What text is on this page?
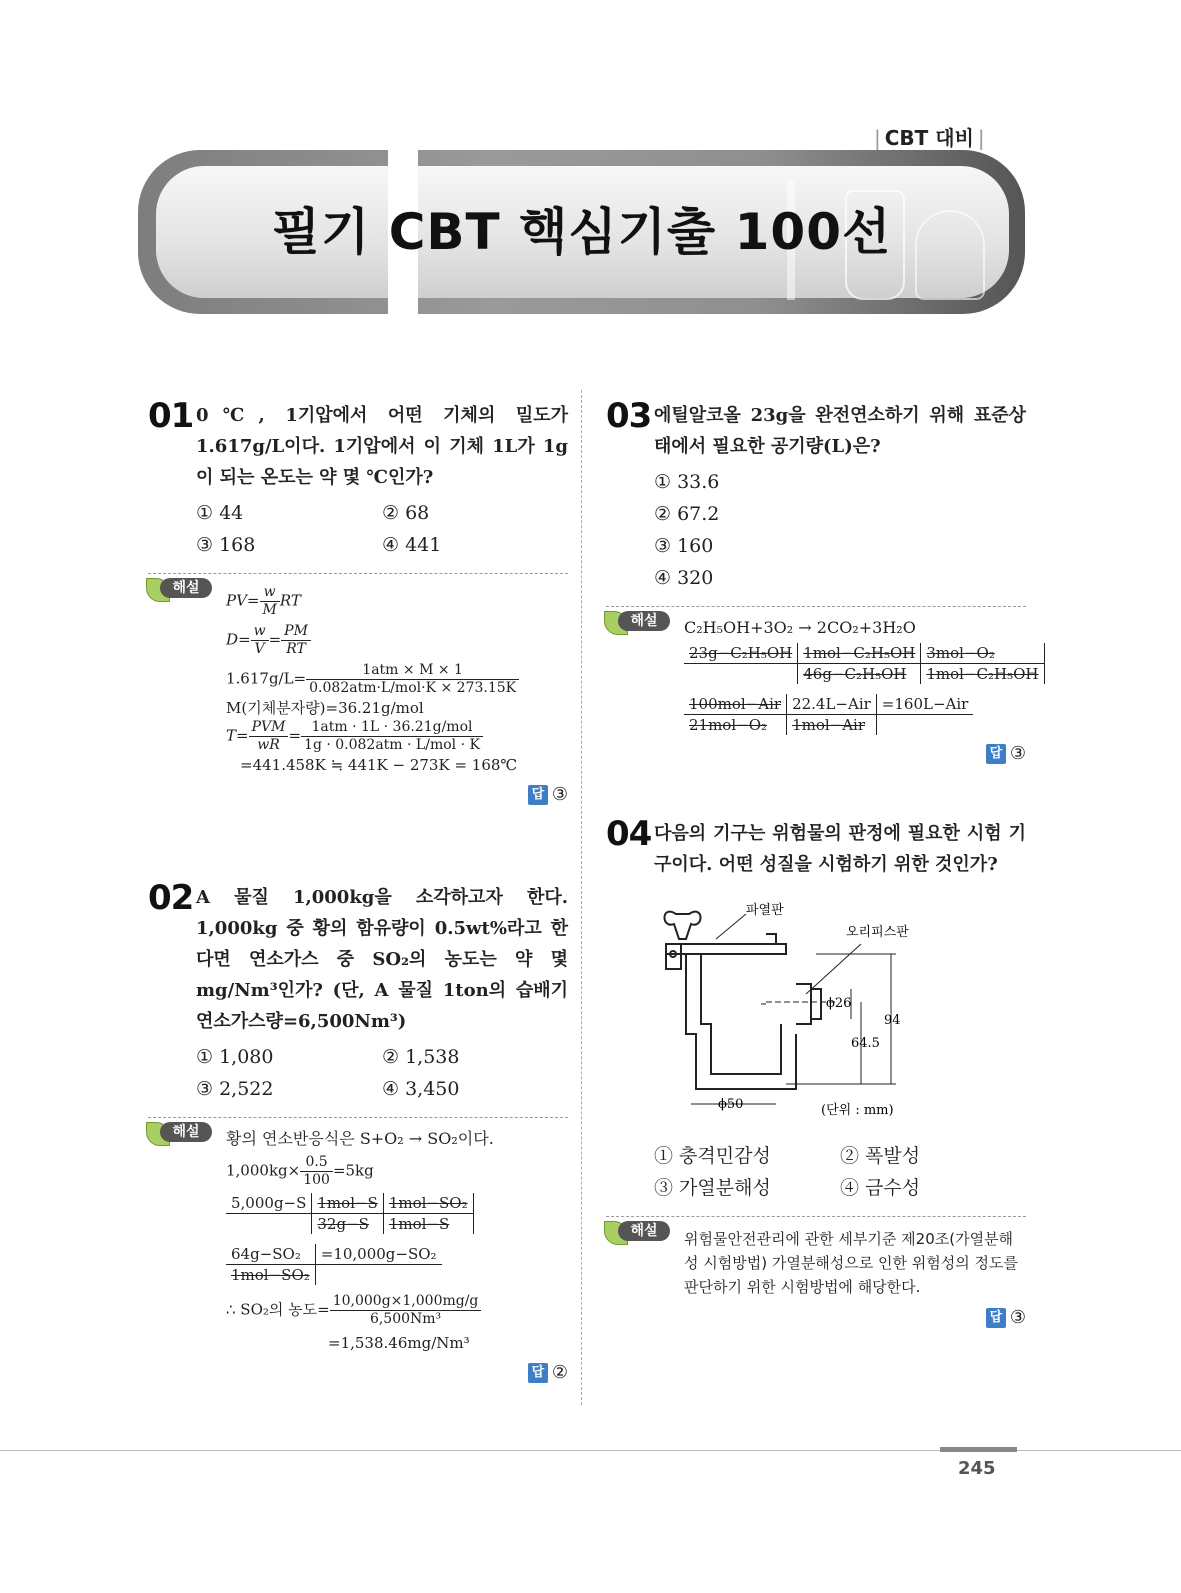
| CBT 대비 |
필기 CBT 핵심기출 100선
01 0℃, 1기압에서 어떤 기체의 밀도가 1.617g/L이다. 1기압에서 이 기체 1L가 1g이 되는 온도는 약 몇 ℃인가?
① 44	② 68
③ 168	④ 441
해설
$PV= \frac{w}{M}$ RT
$D= \frac{w}{V} = \frac{PM}{RT}$
$1.617g/L= \frac{\text{1atm × M × 1}}{\text{0.082atm·L/mol·K × 273.15K}}$
M(기체분자량)=36.21g/mol
$T= \frac{\text{PVM}}{wR} = \frac{\text{1atm · 1L · 36.21g/mol}}{\text{1g · 0.082atm · L/mol · K}}$
=441.458K ≒ 441K − 273K = 168℃
답 ③
02 A 물질 1,000kg을 소각하고자 한다. 1,000kg 중 황의 함유량이 0.5wt%라고 한다면 연소가스 중 SO₂의 농도는 약 몇 mg/Nm³인가? (단, A 물질 1ton의 습배기 연소가스량=6,500Nm³)
① 1,080	② 1,538
③ 2,522	④ 3,450
해설	황의 연소반응식은 S+O₂ → SO₂이다.
$1,000kg\times \frac{0.5}{100} =5kg$
5,000g−S	1mol−S	1mol−SO₂
	32g−S	1mol−S
64g−SO₂	=10,000g−SO₂
1mol−SO₂	
∴ SO₂의 농도= $\frac{10,000g\times 1,000mg/g}{\text{6,500Nm³}}$
=1,538.46mg/Nm³
답 ②
03 에틸알코올 23g을 완전연소하기 위해 표준상태에서 필요한 공기량(L)은?
① 33.6
② 67.2
③ 160
④ 320
해설	C₂H₅OH+3O₂ → 2CO₂+3H₂O
23g−C₂H₅OH	1mol−C₂H₅OH	3mol−O₂
	46g−C₂H₅OH	1mol−C₂H₅OH
100mol−Air	22.4L−Air	=160L−Air
21mol−O₂	1mol−Air	
답 ③
04 다음의 기구는 위험물의 판정에 필요한 시험 기구이다. 어떤 성질을 시험하기 위한 것인가?
파열판
오리피스판
ϕ26
94
64.5
ϕ50	(단위 : mm)
① 충격민감성	② 폭발성
③ 가열분해성	④ 금수성
해설	위험물안전관리에 관한 세부기준 제20조(가열분해성 시험방법) 가열분해성으로 인한 위험성의 정도를 판단하기 위한 시험방법에 해당한다.
답 ③
245
